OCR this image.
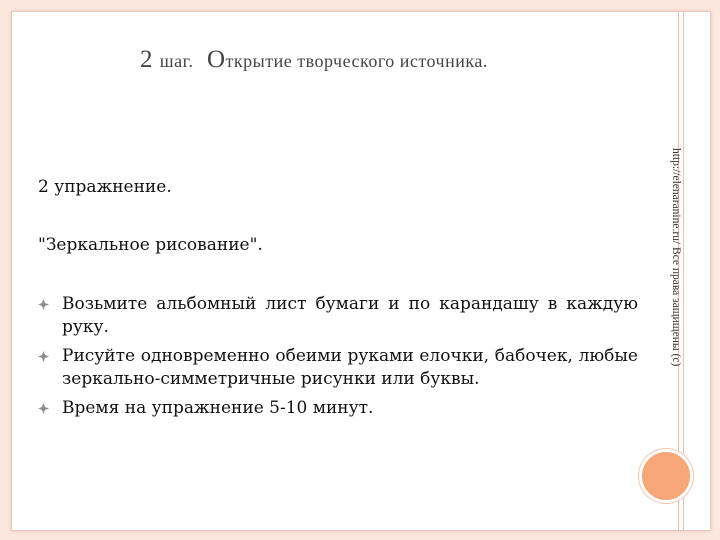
2 шаг. Открытие творческого источника.
http://elenaranine.ru/ Все права защищены (с)
2 упражнение.
"Зеркальное рисование".
Возьмите альбомный лист бумаги и по карандашу в каждую руку.
Рисуйте одновременно обеими руками елочки, бабочек, любые зеркально-симметричные рисунки или буквы.
Время на упражнение 5-10 минут.
